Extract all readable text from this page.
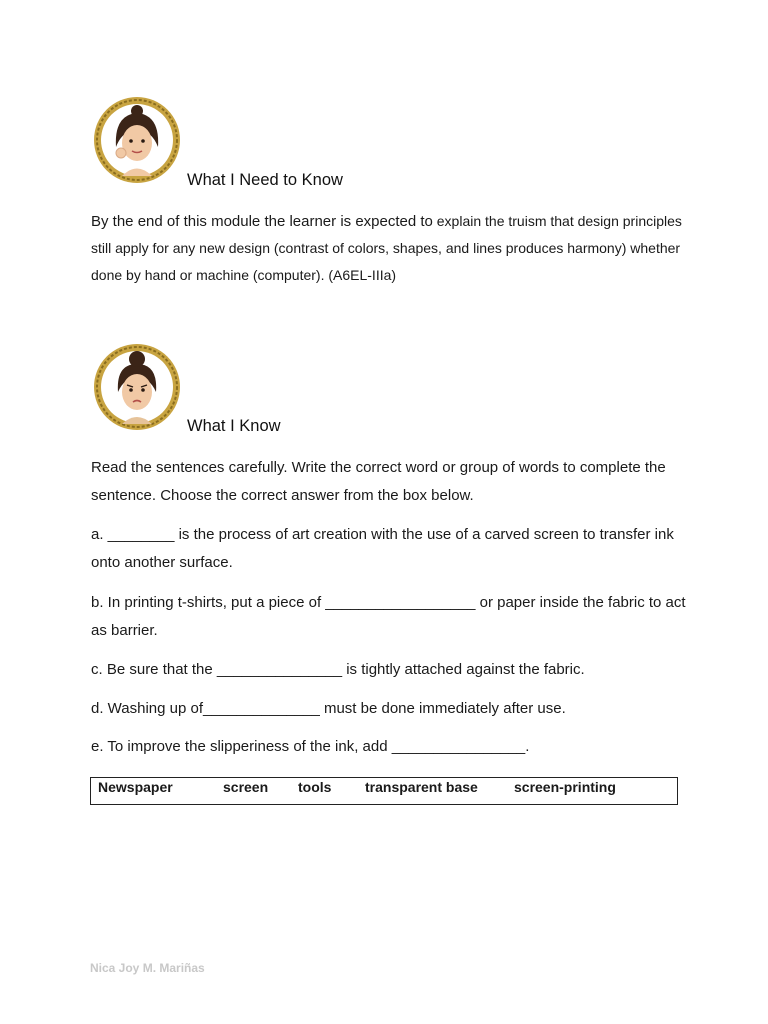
What I Need to Know

By the end of this module the learner is expected to explain the truism that design principles still apply for any new design (contrast of colors, shapes, and lines produces harmony) whether done by hand or machine (computer). (A6EL-IIIa)

What I Know

Read the sentences carefully. Write the correct word or group of words to complete the sentence. Choose the correct answer from the box below.

a. ________ is the process of art creation with the use of a carved screen to transfer ink onto another surface.

b. In printing t-shirts, put a piece of __________________ or paper inside the fabric to act as barrier.

c. Be sure that the _______________ is tightly attached against the fabric.

d. Washing up of______________ must be done immediately after use.

e. To improve the slipperiness of the ink, add ________________.

Newspaper	screen tools transparent base	screen-printing
Nica Joy M. Mariñas
